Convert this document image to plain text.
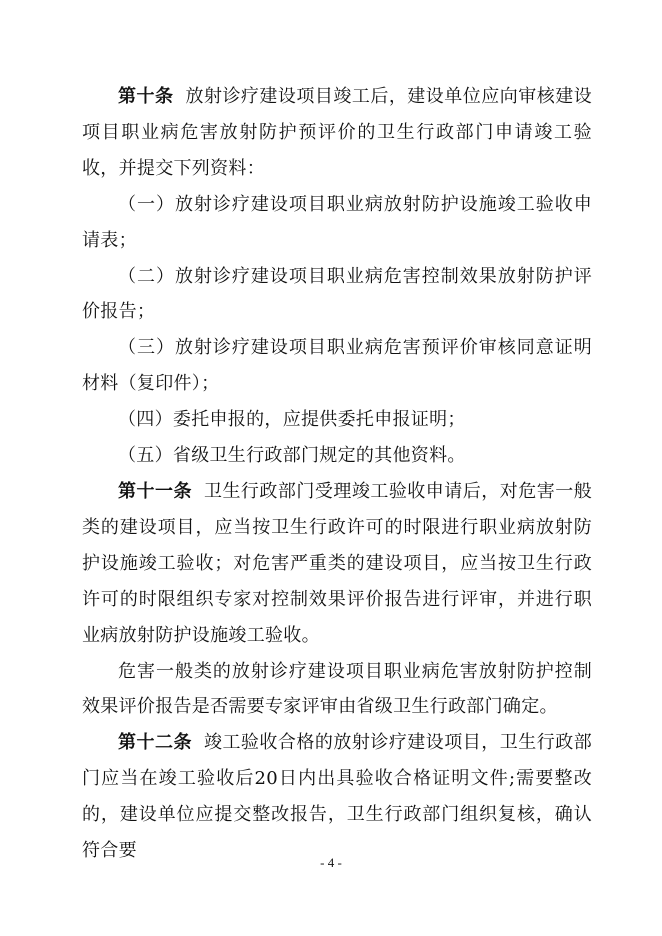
第十条 放射诊疗建设项目竣工后，建设单位应向审核建设项目职业病危害放射防护预评价的卫生行政部门申请竣工验收，并提交下列资料：

（一）放射诊疗建设项目职业病放射防护设施竣工验收申请表；

（二）放射诊疗建设项目职业病危害控制效果放射防护评价报告；

（三）放射诊疗建设项目职业病危害预评价审核同意证明材料（复印件）；

（四）委托申报的，应提供委托申报证明；

（五）省级卫生行政部门规定的其他资料。

第十一条 卫生行政部门受理竣工验收申请后，对危害一般类的建设项目，应当按卫生行政许可的时限进行职业病放射防护设施竣工验收；对危害严重类的建设项目，应当按卫生行政许可的时限组织专家对控制效果评价报告进行评审，并进行职业病放射防护设施竣工验收。

危害一般类的放射诊疗建设项目职业病危害放射防护控制效果评价报告是否需要专家评审由省级卫生行政部门确定。

第十二条 竣工验收合格的放射诊疗建设项目，卫生行政部门应当在竣工验收后20日内出具验收合格证明文件;需要整改的，建设单位应提交整改报告，卫生行政部门组织复核，确认符合要

- 4 -
